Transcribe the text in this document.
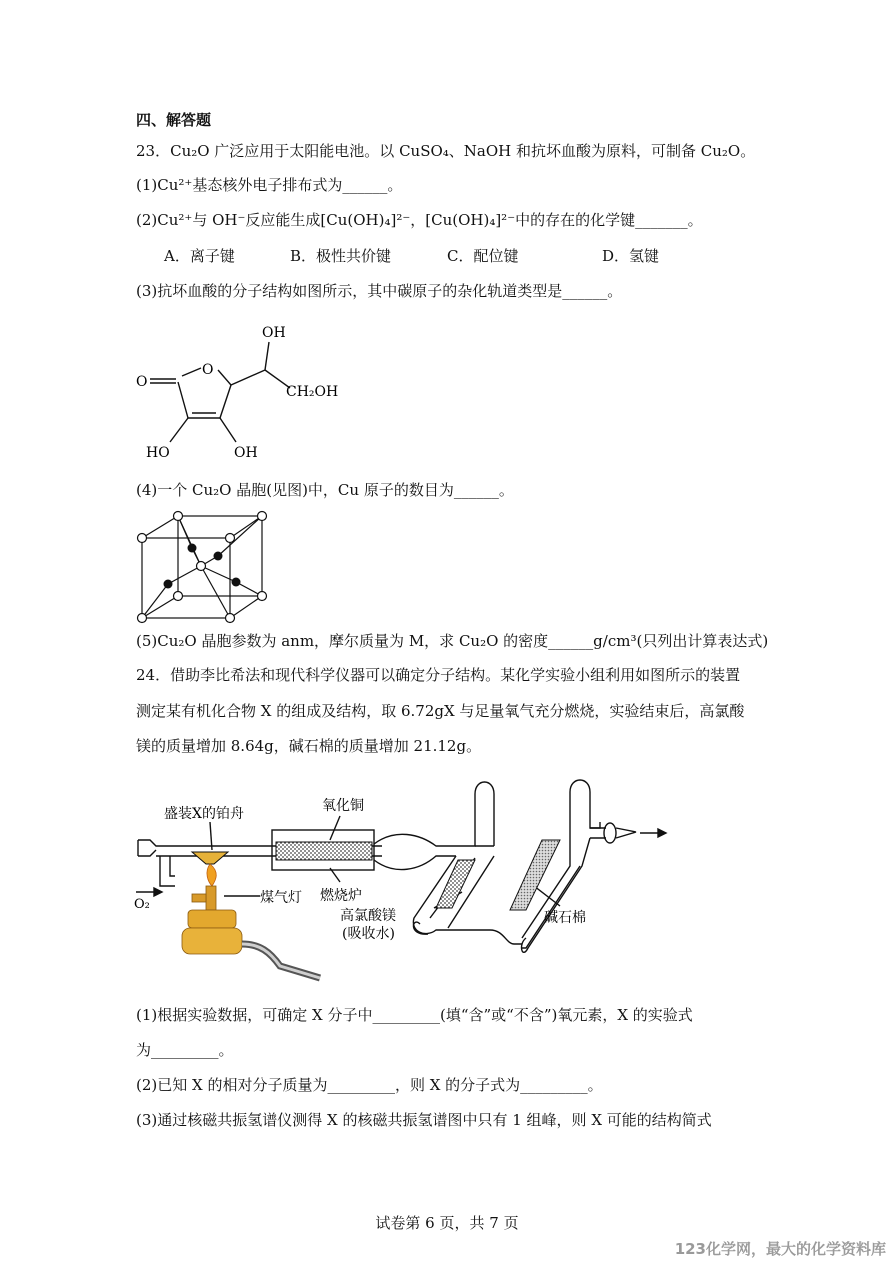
四、解答题
23．Cu₂O 广泛应用于太阳能电池。以 CuSO₄、NaOH 和抗坏血酸为原料，可制备 Cu₂O。
(1)Cu²⁺基态核外电子排布式为______。
(2)Cu²⁺与 OH⁻反应能生成[Cu(OH)₄]²⁻，[Cu(OH)₄]²⁻中的存在的化学键_______。
A．离子键	B．极性共价键	C．配位键	D．氢键
(3)抗坏血酸的分子结构如图所示，其中碳原子的杂化轨道类型是______。
OH
O
O
CH₂OH
HO	OH
(4)一个 Cu₂O 晶胞(见图)中，Cu 原子的数目为______。
(5)Cu₂O 晶胞参数为 anm，摩尔质量为 M，求 Cu₂O 的密度______g/cm³(只列出计算表达式)
24．借助李比希法和现代科学仪器可以确定分子结构。某化学实验小组利用如图所示的装置
测定某有机化合物 X 的组成及结构，取 6.72gX 与足量氧气充分燃烧，实验结束后，高氯酸
镁的质量增加 8.64g，碱石棉的质量增加 21.12g。
盛装X的铂舟	氧化铜
O₂	煤气灯 燃烧炉
高氯酸镁
(吸收水)
碱石棉
(1)根据实验数据，可确定 X 分子中_________(填“含”或“不含”)氧元素，X 的实验式
为_________。
(2)已知 X 的相对分子质量为_________，则 X 的分子式为_________。
(3)通过核磁共振氢谱仪测得 X 的核磁共振氢谱图中只有 1 组峰，则 X 可能的结构简式
试卷第 6 页，共 7 页
123化学网，最大的化学资料库
